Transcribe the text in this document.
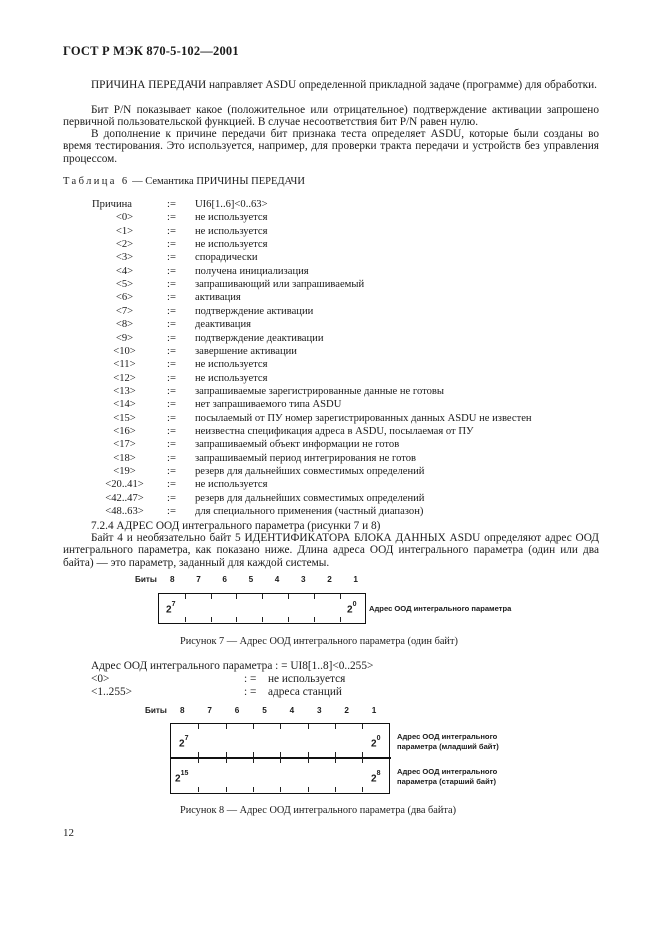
ГОСТ Р МЭК 870-5-102—2001
ПРИЧИНА ПЕРЕДАЧИ направляет ASDU определенной прикладной задаче (программе) для обработки.
Бит P/N показывает какое (положительное или отрицательное) подтверждение активации запрошено первичной пользовательской функцией. В случае несоответствия бит P/N равен нулю.
В дополнение к причине передачи бит признака теста определяет ASDU, которые были созданы во время тестирования. Это используется, например, для проверки тракта передачи и устройств без управления процессом.
Таблица 6 — Семантика ПРИЧИНЫ ПЕРЕДАЧИ
Причина	:= UI6[1..6]<0..63>
<0>	:= не используется
<1>	:= не используется
<2>	:= не используется
<3>	:= спорадически
<4>	:= получена инициализация
<5>	:= запрашивающий или запрашиваемый
<6>	:= активация
<7>	:= подтверждение активации
<8>	:= деактивация
<9>	:= подтверждение деактивации
<10>	:= завершение активации
<11>	:= не используется
<12>	:= не используется
<13>	:= запрашиваемые зарегистрированные данные не готовы
<14>	:= нет запрашиваемого типа ASDU
<15>	:= посылаемый от ПУ номер зарегистрированных данных ASDU не известен
<16>	:= неизвестна спецификация адреса в ASDU, посылаемая от ПУ
<17>	:= запрашиваемый объект информации не готов
<18>	:= запрашиваемый период интегрирования не готов
<19>	:= резерв для дальнейших совместимых определений
<20..41>	:= не используется
<42..47>	:= резерв для дальнейших совместимых определений
<48..63>	:= для специального применения (частный диапазон)
7.2.4 АДРЕС ООД интегрального параметра (рисунки 7 и 8)
Байт 4 и необязательно байт 5 ИДЕНТИФИКАТОРА БЛОКА ДАННЫХ ASDU определяют адрес ООД интегрального параметра, как показано ниже. Длина адреса ООД интегрального параметра (один или два байта) — это параметр, заданный для каждой системы.
Биты 8	7	6	5	4	3	2	1
$2^7$	$2^0$ Адрес ООД интегрального параметра
Рисунок 7 — Адрес ООД интегрального параметра (один байт)
Адрес ООД интегрального параметра : = UI8[1..8]<0..255>
<0>	: = не используется
<1..255>	: = адреса станций
Биты 8	7	6	5	4	3	2	1
$2^7$	$2^0$
$2^{15}$	$2^8$
Адрес ООД интегрального
параметра (младший байт)
Адрес ООД интегрального
параметра (старший байт)
Рисунок 8 — Адрес ООД интегрального параметра (два байта)
12
